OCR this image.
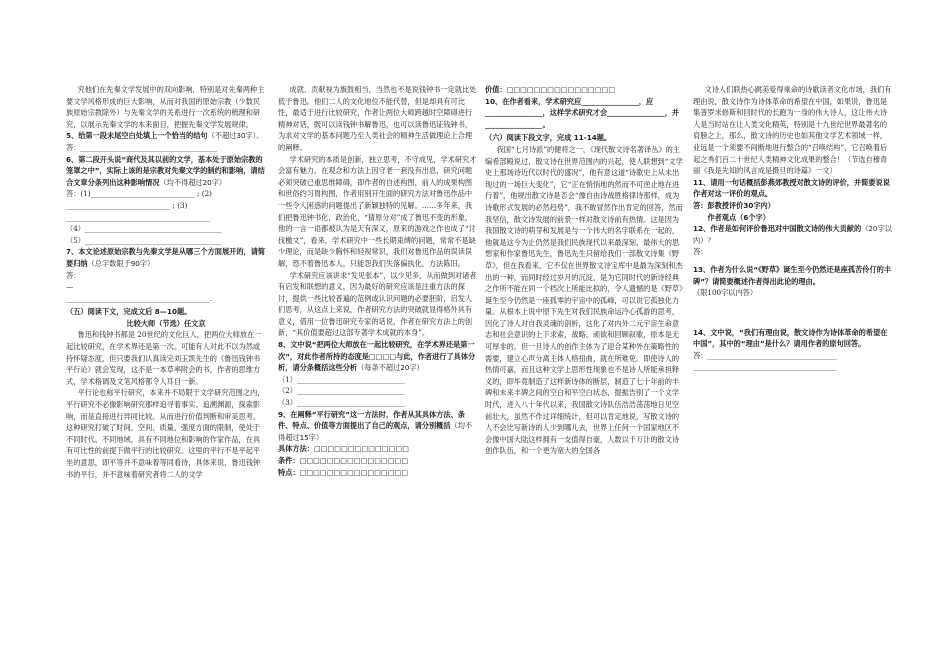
究他们在先秦文学发展中的双向影响，特别是对先秦两种主要文学风格形成的巨大影响，从而对我国的原始宗教（少数民族原始宗教除外）与先秦文学的关系进行一次系统的梳理和研究，以展示先秦文学的本来面目，把握先秦文学发展规律。

5、给第一段末尾空白处填上一个恰当的结句（不超过30字）。
答：______________________________________
6、第二段开头说“商代及其以前的文学，基本处于原始宗教的笼罩之中”，实际上该的是宗教对先秦文学的制约和影响，请结合文章分条列出这种影响情况（均不得超过20字）
答：(1)_____________________________ ; (2)
_____________________________ ; (3)
________________________________________
（4）______________________________________
（5）______________________________________
7、本文论述原始宗教与先秦文学是从哪三个方面展开的，请简要归纳（总字数限于90字）
答：
—
________________________________________.
（五）阅读下文，完成文后 8—10题。
比较大师（节选）任文京

鲁迅和钱钟书都是 20世纪的文化巨人，把两位大师放在一起比较研究，在学术界还是第一次。可能有人对此不以为然或持怀疑态度，但只要我们认真读完刘玉凯先生的《鲁迅钱钟书平行论》就会发现，这不是一本草率附会的书，作者的思维方式，学术格调及文笔风格都令人耳目一新。

平行论也称平行研究，本来并不局限于文学研究范围之内，平行研究不必像影响研究那样追寻着事实、追溯渊源，探索影响，而是直接进行异同比较。从而进行价值判断和审美思考。这种研究打破了时间、空间、质量、强度方面的限制，使处于不同时代、不同地域，具有不同地位和影响的作家作品，在具有可比性的前提下做平行的比较研究。这里的平行不是平起平坐的意思，即平等并不意味着等同看待，具体来说，鲁迅钱钟书的平行，并不意味着研究者将二人的文学

成就、贡献视为旗鼓相当，当然也不是说钱钟书一定就比处低于鲁迅。他们二人的文化地位不能代替，但是却具有可比性，最适于进行比较研究，作者让两位大师跨越时空障碍进行精神对话，既可以读钱钟书解鲁迅，也可以读鲁迅证钱钟书，为求对文学的基本问题乃至人类社会的精神生活做理论上合理的阐释。

学术研究的本质是创新，独立思考，不守成见，学术研究才会富有魅力，在观念和方法上因守老一套没有出息，研究问题必须突破已重思维障碍，即作者的自述构图，前人的成果构图和世俗约习胃构图，作者用别开生面的研究方法对鲁迅作品中一些令人困惑的问题提出了新颖独特的见解。……多年来，我们把鲁迅钟书化，政治化，“猜原分对”成了鲁迅不变的形象，他的一言一语都被认为是天有深义，原来的游戏之作也成了“讨伐檄文”，看来，学术研究中一些长期束缚的问题，常常不是缺少理论，而是缺少胸怀和轻视常识，我们对鲁迅作品的误读误解，恐不着鲁迅本人，只能怨我们失落偏执化，方法陈旧。

学术研究应该讲求“发见张本”，以少见多，从而做到对诸者有启发和联想的意义，因为最好的研究应该是注重方法的探讨，提供一些比较普遍的范例或认识问题的必要胚阶，启发人们思考，从这点上来说，作者研究方法的突破就显得格外具有意义，借用一位鲁迅研究专家的话说，作者在研究方法上的创新，“其价值要超过这部专著学术成就的本身”。

8、文中说“把两位大师放在一起比较研究，在学术界还是第一次”，对此作者所持的态度是□□□□与此，作者进行了具体分析，请分条概括这些分析（每条不超过20字）
（1）______________________________
（2）______________________________
（3）______________________________
9、在阐释“平行研究”这一方法时，作者从其具体方法、条件、特点、价值等方面提出了自己的观点，请分别概括（均不得超过15字）
具体方法：□□□□□□□□□□□□□□
条件：□□□□□□□□□□□□□□□□
特点：□□□□□□□□□□□□□□□□
价值：□□□□□□□□□□□□□□□□
10、在作者看来，学术研究应________________，应________________，这样学术研究才会________________，并________________。
（六）阅读下段文字，完成 11-14题。

我国“七月诗派”的健将之一，《现代散文诗名著译丛》的主编希部殿说过，散文诗在世界范围内的兴起，使人联想到“文学史上那场诗近代以时代的盛况”，他有意这道“诗歌史上从未出现过的一场巨大变化”，它“正在悄悄地的然而不可逆止地在进行着”，他规出散文诗是否会“像自由诗战胜格律诗那样，成为诗歌形式发展的必然趋势”，我不敢冒然作出肯定的回答，然而我坚信，散文诗发展的前景一样对散文诗前有热情。这是因为我国散文诗的萌芽和发展是与一个伟大的名字联系在一起的，他就是这今为止仍然是我们民族现代以来最深刻、最伟大的思想家和作家鲁迅先生，鲁迅先生只留给我们一部散文诗集《野草》，但在我看来，它不仅在世界散文诗宝库中是最为深刻和杰出的一种，而同时经过岁月的沉淀，是为它同时代的新诗经典之作所不能在同一个档次上所能比拟的，令人遗憾的是《野草》诞生至今仍然是一座孤零的宇宙中的孤峰，可以说它孤独化力量。从根本上说中原下先生对我们民族命运冷心孤游的思考，因化了诗人对自我灵魂的剖析，这化了对内外二元宇宙生命意志和社会意识的上下求索，战略、顽欲和回顾叙歌，原本是无可厚非的，但一旦诗人的创作主体为了迎合某种外在策略性的需要，建立心声分离主体人格扭曲，就在所难免。即使诗人的热情可嘉，而且这种文学上思形性现象也不是诗人所能承担释义的，即毕竟制造了这样新诗体的断层，制造了七十年前的丰碑和未来丰碑之间的空白和平空白状态，提振告别了一个文学时代，进入八十年代以来，我国散文诗队伍浩浩荡荡地日见空前壮大，虽然不作过详细统计，但可以肯定地说，写散文诗的人不会比写新诗的人少到哪儿去，世界上任何一个国家地区不会像中国大陆这样拥有一支值得自豪，人数以千万计的散文诗创作队伍，和一个更为宽大的全国各

文诗人们联热心跳美爱得乘命的诗歌读者文化市场，我们有理由说，散文诗作为诗体革命的希望在中国，如果说，鲁迅是集普罗米修斯和回时代的长跑为一身的伟大诗人，这让伟大诗人是当时站在让人类文化精英，特别是十九世纪世界最著名的肩膀之上，那么，散文诗的历史也如其他文学艺术领域一样，业远是一个须要不间断地进行整合的“召唤结构”，它召唤着后起之秀们百二十世纪人类精神文化成果的整合！（节选自穆青丽《我是先知的风言成是摄旦的诗篇》一文）

11、请用一句话概括彭燕郊教授对散文诗的评价，并简要说说作者对这一评价的观点。
答：彭教授评价30字内）
作者观点（6个字）
12、作者是如何评价鲁迅对中国散文诗的伟大贡献的（20字以内）？
答：
13、作者为什么说“《野草》诞生至今仍然还是座孤苦伶仃的丰碑”？请简要概述作者得出此论的理由。
（限100字以内答）
14、文中说，“我们有理由说，散文诗作为诗体革命的希望在中国”，其中的“理由”是什么？请用作者的原句回答。
答：____________________________________
________________________________________
